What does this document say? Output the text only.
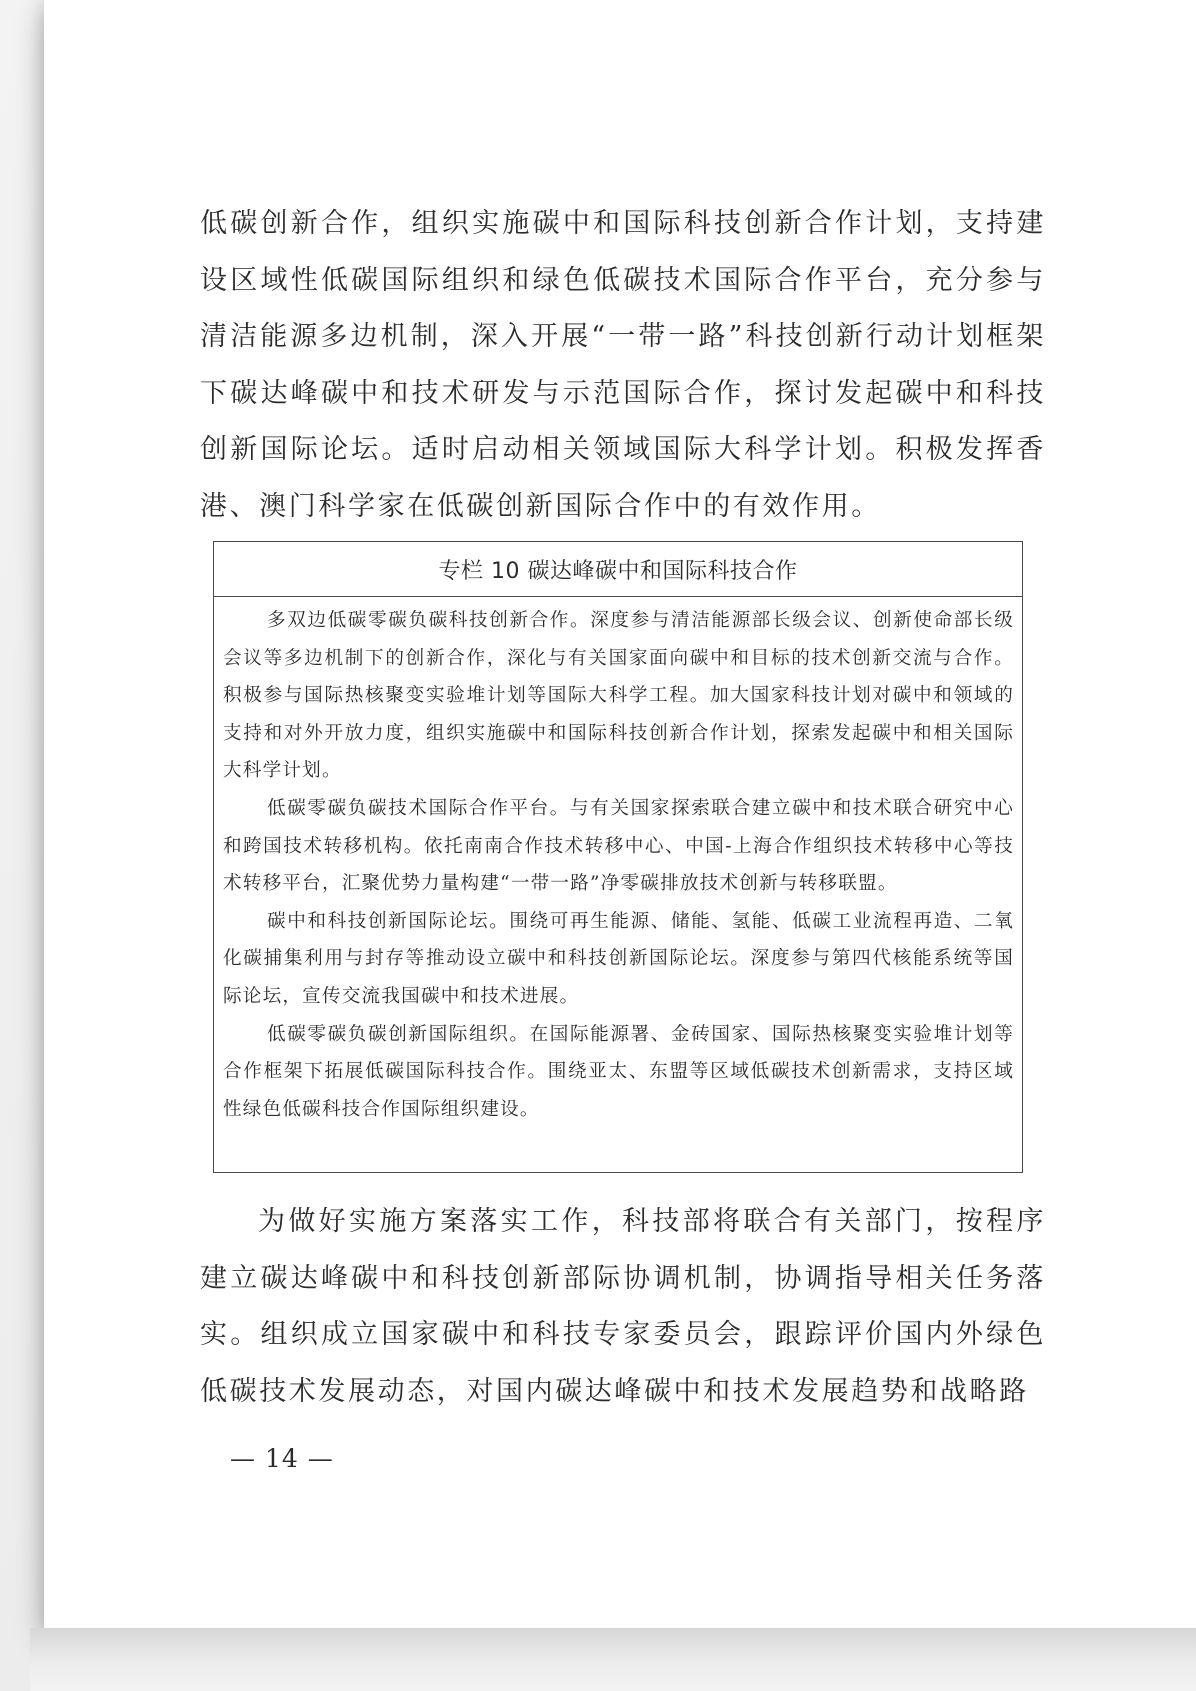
低碳创新合作，组织实施碳中和国际科技创新合作计划，支持建设区域性低碳国际组织和绿色低碳技术国际合作平台，充分参与清洁能源多边机制，深入开展“一带一路”科技创新行动计划框架下碳达峰碳中和技术研发与示范国际合作，探讨发起碳中和科技创新国际论坛。适时启动相关领域国际大科学计划。积极发挥香港、澳门科学家在低碳创新国际合作中的有效作用。

专栏 10 碳达峰碳中和国际科技合作

多双边低碳零碳负碳科技创新合作。深度参与清洁能源部长级会议、创新使命部长级会议等多边机制下的创新合作，深化与有关国家面向碳中和目标的技术创新交流与合作。积极参与国际热核聚变实验堆计划等国际大科学工程。加大国家科技计划对碳中和领域的支持和对外开放力度，组织实施碳中和国际科技创新合作计划，探索发起碳中和相关国际大科学计划。

低碳零碳负碳技术国际合作平台。与有关国家探索联合建立碳中和技术联合研究中心和跨国技术转移机构。依托南南合作技术转移中心、中国-上海合作组织技术转移中心等技术转移平台，汇聚优势力量构建“一带一路”净零碳排放技术创新与转移联盟。

碳中和科技创新国际论坛。围绕可再生能源、储能、氢能、低碳工业流程再造、二氧化碳捕集利用与封存等推动设立碳中和科技创新国际论坛。深度参与第四代核能系统等国际论坛，宣传交流我国碳中和技术进展。

低碳零碳负碳创新国际组织。在国际能源署、金砖国家、国际热核聚变实验堆计划等合作框架下拓展低碳国际科技合作。围绕亚太、东盟等区域低碳技术创新需求，支持区域性绿色低碳科技合作国际组织建设。

为做好实施方案落实工作，科技部将联合有关部门，按程序建立碳达峰碳中和科技创新部际协调机制，协调指导相关任务落实。组织成立国家碳中和科技专家委员会，跟踪评价国内外绿色低碳技术发展动态，对国内碳达峰碳中和技术发展趋势和战略路

— 14 —
